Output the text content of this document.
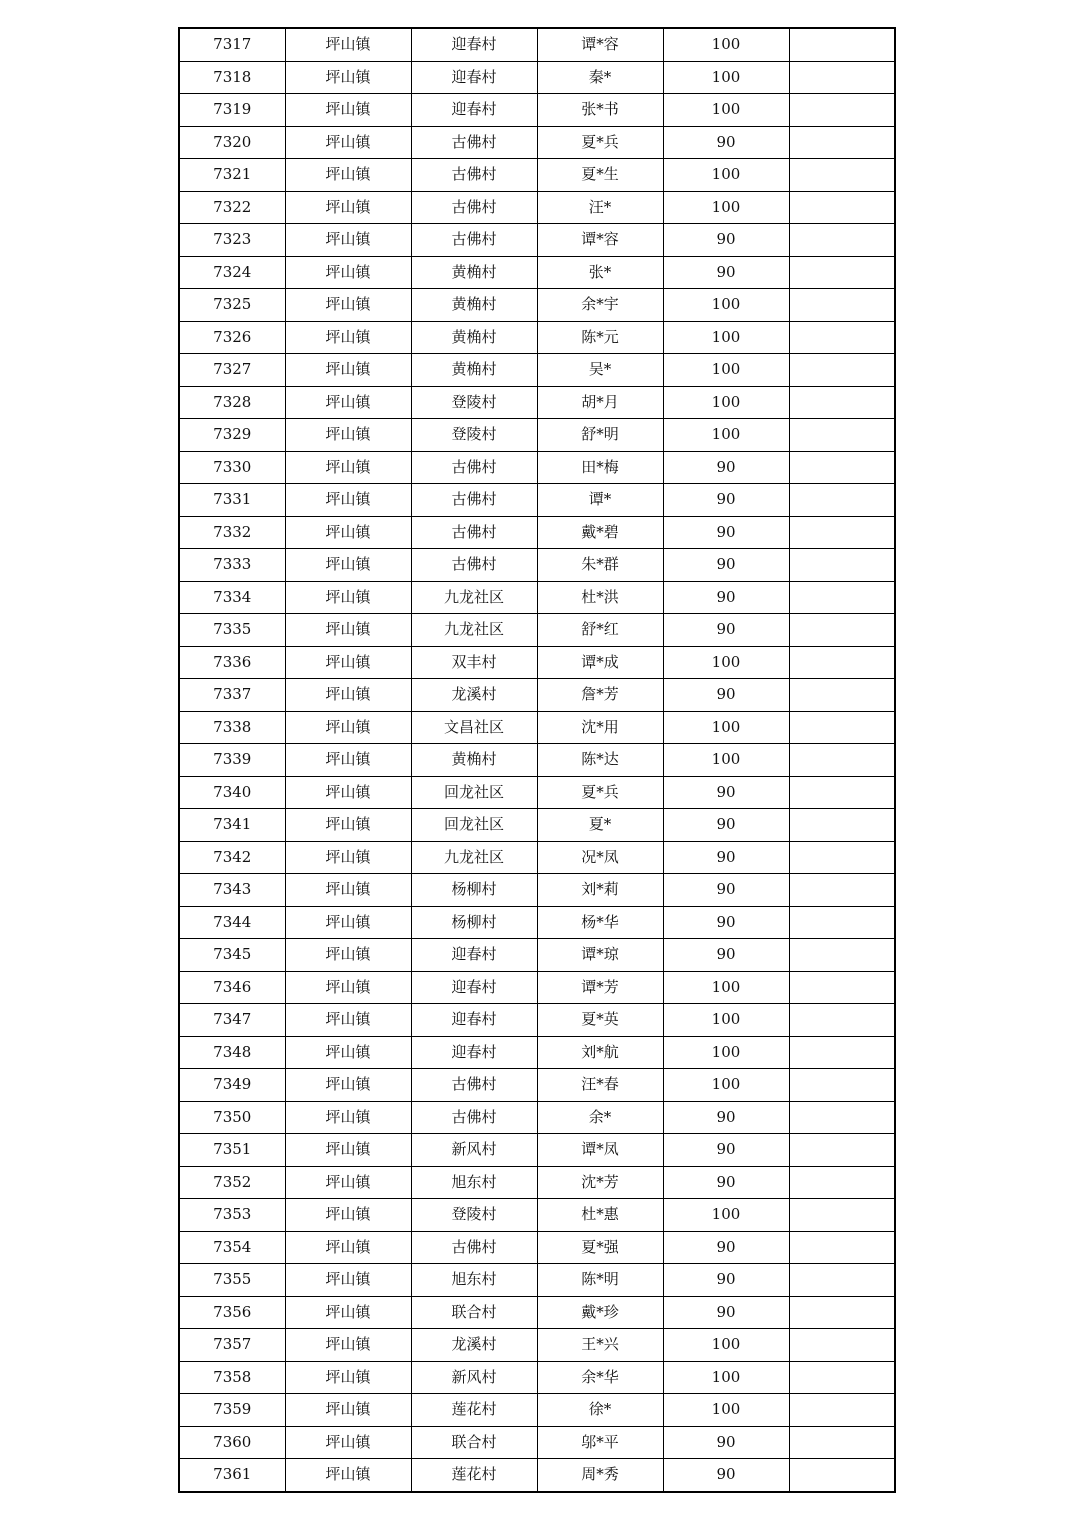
7317	坪山镇	迎春村	谭*容	100	
7318	坪山镇	迎春村	秦*	100	
7319	坪山镇	迎春村	张*书	100	
7320	坪山镇	古佛村	夏*兵	90	
7321	坪山镇	古佛村	夏*生	100	
7322	坪山镇	古佛村	汪*	100	
7323	坪山镇	古佛村	谭*容	90	
7324	坪山镇	黄桷村	张*	90	
7325	坪山镇	黄桷村	余*宇	100	
7326	坪山镇	黄桷村	陈*元	100	
7327	坪山镇	黄桷村	吴*	100	
7328	坪山镇	登陵村	胡*月	100	
7329	坪山镇	登陵村	舒*明	100	
7330	坪山镇	古佛村	田*梅	90	
7331	坪山镇	古佛村	谭*	90	
7332	坪山镇	古佛村	戴*碧	90	
7333	坪山镇	古佛村	朱*群	90	
7334	坪山镇	九龙社区	杜*洪	90	
7335	坪山镇	九龙社区	舒*红	90	
7336	坪山镇	双丰村	谭*成	100	
7337	坪山镇	龙溪村	詹*芳	90	
7338	坪山镇	文昌社区	沈*用	100	
7339	坪山镇	黄桷村	陈*达	100	
7340	坪山镇	回龙社区	夏*兵	90	
7341	坪山镇	回龙社区	夏*	90	
7342	坪山镇	九龙社区	况*凤	90	
7343	坪山镇	杨柳村	刘*莉	90	
7344	坪山镇	杨柳村	杨*华	90	
7345	坪山镇	迎春村	谭*琼	90	
7346	坪山镇	迎春村	谭*芳	100	
7347	坪山镇	迎春村	夏*英	100	
7348	坪山镇	迎春村	刘*航	100	
7349	坪山镇	古佛村	汪*春	100	
7350	坪山镇	古佛村	余*	90	
7351	坪山镇	新风村	谭*凤	90	
7352	坪山镇	旭东村	沈*芳	90	
7353	坪山镇	登陵村	杜*惠	100	
7354	坪山镇	古佛村	夏*强	90	
7355	坪山镇	旭东村	陈*明	90	
7356	坪山镇	联合村	戴*珍	90	
7357	坪山镇	龙溪村	王*兴	100	
7358	坪山镇	新风村	余*华	100	
7359	坪山镇	莲花村	徐*	100	
7360	坪山镇	联合村	邬*平	90	
7361	坪山镇	莲花村	周*秀	90	
